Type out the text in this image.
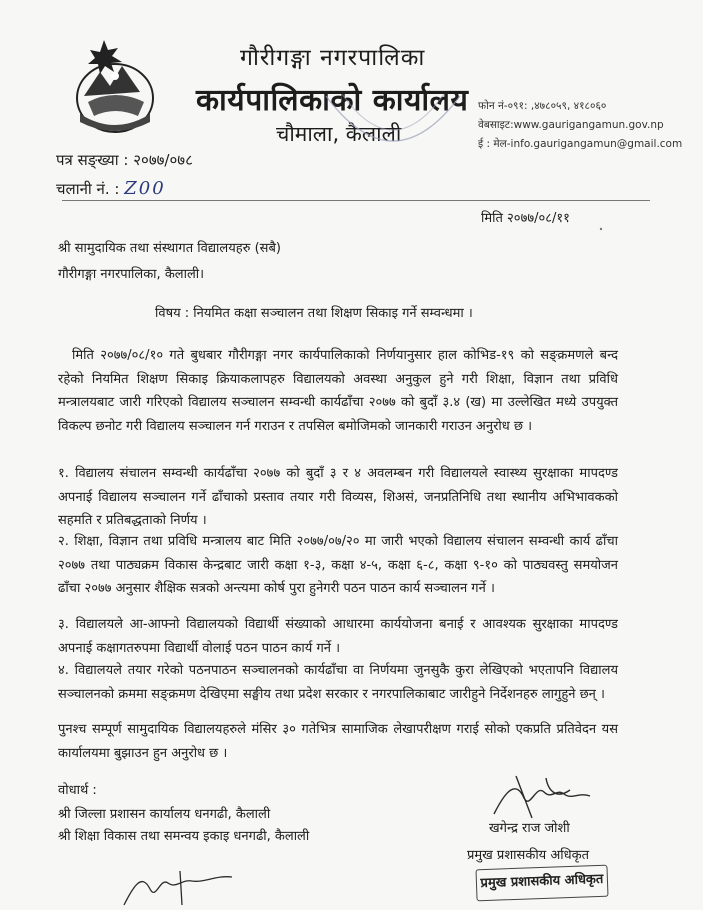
गौरीगङ्गा नगरपालिका
कार्यपालिकाको कार्यालय
चौमाला, कैलाली
फोन नं-०९१: ,४७८०५९, ४१८०६०
वेबसाइट:www.gaurigangamun.gov.np
ई : मेल-info.gaurigangamun@gmail.com
पत्र सङ्ख्या : २०७७/०७८
चलानी नं. : Z00
मिति २०७७/०८/११
श्री सामुदायिक तथा संस्थागत विद्यालयहरु (सबै)
गौरीगङ्गा नगरपालिका, कैलाली।
विषय : नियमित कक्षा सञ्चालन तथा शिक्षण सिकाइ गर्ने सम्वन्धमा ।
मिति २०७७/०८/१० गते बुधबार गौरीगङ्गा नगर कार्यपालिकाको निर्णयानुसार हाल कोभिड-१९ को सङ्क्रमणले बन्द रहेको नियमित शिक्षण सिकाइ क्रियाकलापहरु विद्यालयको अवस्था अनुकुल हुने गरी शिक्षा, विज्ञान तथा प्रविधि मन्त्रालयबाट जारी गरिएको विद्यालय सञ्चालन सम्वन्धी कार्यढाँचा २०७७ को बुदाँ ३.४ (ख) मा उल्लेखित मध्ये उपयुक्त विकल्प छनोट गरी विद्यालय सञ्चालन गर्न गराउन र तपसिल बमोजिमको जानकारी गराउन अनुरोध छ ।
१. विद्यालय संचालन सम्वन्धी कार्यढाँचा २०७७ को बुदाँ ३ र ४ अवलम्बन गरी विद्यालयले स्वास्थ्य सुरक्षाका मापदण्ड अपनाई विद्यालय सञ्चालन गर्ने ढाँचाको प्रस्ताव तयार गरी विव्यस, शिअसं, जनप्रतिनिधि तथा स्थानीय अभिभावकको सहमति र प्रतिबद्धताको निर्णय ।
२. शिक्षा, विज्ञान तथा प्रविधि मन्त्रालय बाट मिति २०७७/०७/२० मा जारी भएको विद्यालय संचालन सम्वन्धी कार्य ढाँचा २०७७ तथा पाठ्यक्रम विकास केन्द्रबाट जारी कक्षा १-३, कक्षा ४-५, कक्षा ६-८, कक्षा ९-१० को पाठ्यवस्तु समयोजन ढाँचा २०७७ अनुसार शैक्षिक सत्रको अन्त्यमा कोर्ष पुरा हुनेगरी पठन पाठन कार्य सञ्चालन गर्ने ।
३. विद्यालयले आ-आफ्नो विद्यालयको विद्यार्थी संख्याको आधारमा कार्ययोजना बनाई र आवश्यक सुरक्षाका मापदण्ड अपनाई कक्षागतरुपमा विद्यार्थी वोलाई पठन पाठन कार्य गर्ने ।
४. विद्यालयले तयार गरेको पठनपाठन सञ्चालनको कार्यढाँचा वा निर्णयमा जुनसुकै कुरा लेखिएको भएतापनि विद्यालय सञ्चालनको क्रममा सङ्क्रमण देखिएमा सङ्घीय तथा प्रदेश सरकार र नगरपालिकाबाट जारीहुने निर्देशनहरु लागुहुने छन् ।
पुनश्च सम्पूर्ण सामुदायिक विद्यालयहरुले मंसिर ३० गतेभित्र सामाजिक लेखापरीक्षण गराई सोको एकप्रति प्रतिवेदन यस कार्यालयमा बुझाउन हुन अनुरोध छ ।
वोधार्थ :
श्री जिल्ला प्रशासन कार्यालय धनगढी, कैलाली
श्री शिक्षा विकास तथा समन्वय इकाइ धनगढी, कैलाली
खगेन्द्र राज जोशी
प्रमुख प्रशासकीय अधिकृत
प्रमुख प्रशासकीय अधिकृत
